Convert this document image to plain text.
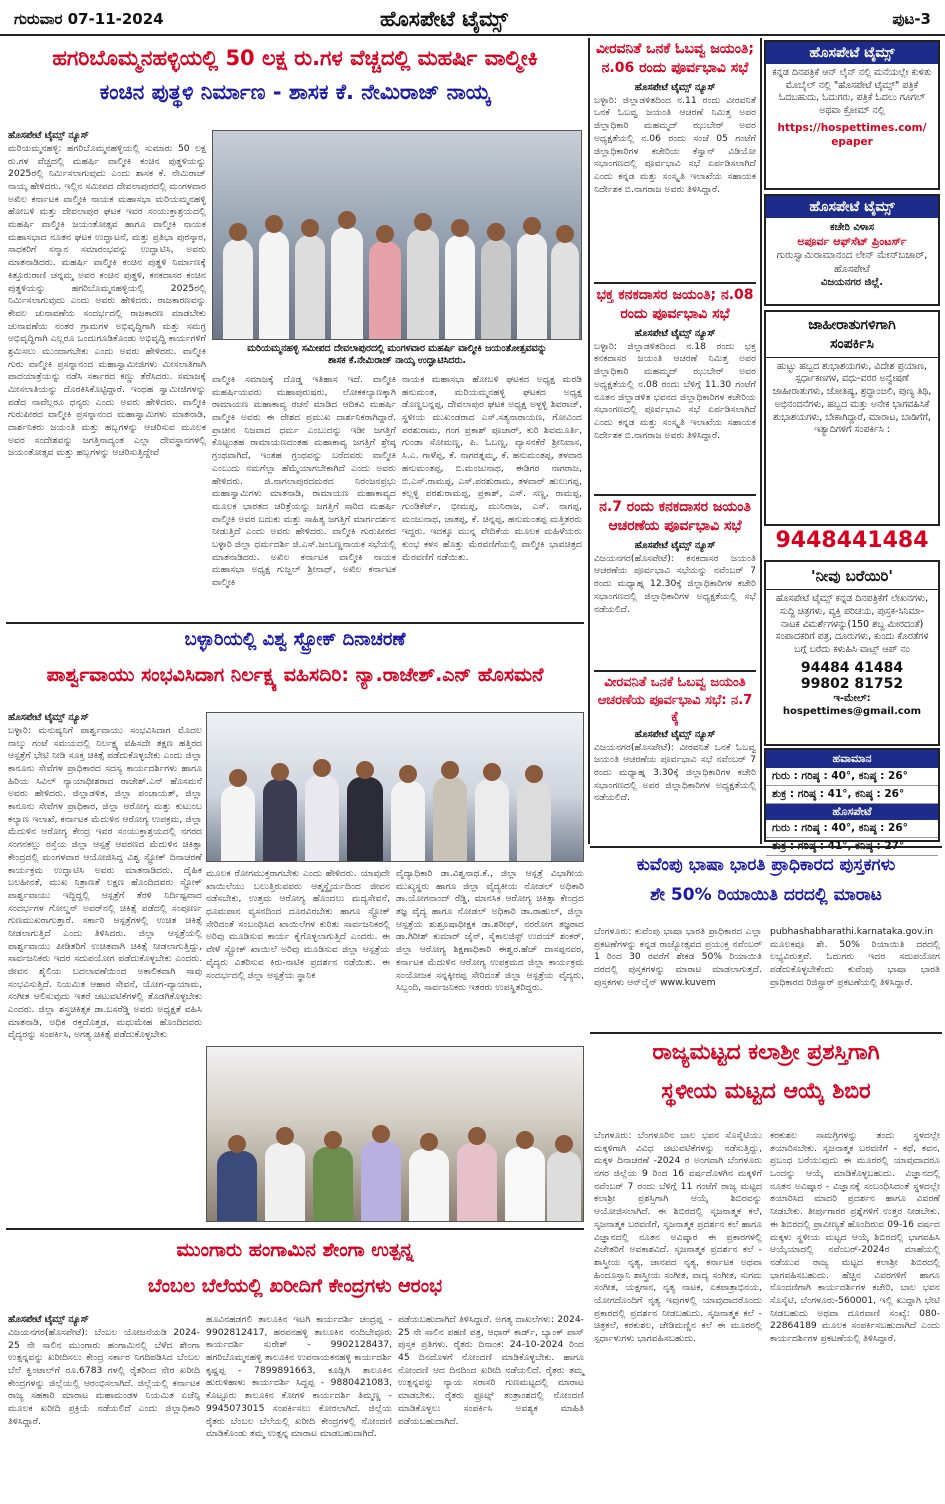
ಗುರುವಾರ 07-11-2024	ಹೊಸಪೇಟೆ ಟೈಮ್ಸ್	ಪುಟ-3
ಹಗರಿಬೊಮ್ಮನಹಳ್ಳಿಯಲ್ಲಿ 50 ಲಕ್ಷ ರು.ಗಳ ವೆಚ್ಚದಲ್ಲಿ ಮಹರ್ಷಿ ವಾಲ್ಮೀಕಿ
ಕಂಚಿನ ಪುತ್ಥಳಿ ನಿರ್ಮಾಣ - ಶಾಸಕ ಕೆ. ನೇಮಿರಾಜ್ ನಾಯ್ಕ
ಹೊಸಪೇಟೆ ಟೈಮ್ಸ್ ನ್ಯೂಸ್
ಮರಿಯಮ್ಮನಹಳ್ಳಿ: ಹಗರಿಬೊಮ್ಮನಹಳ್ಳಿಯಲ್ಲಿ ಸುಮಾರು 50 ಲಕ್ಷ ರು.ಗಳ ವೆಚ್ಚದಲ್ಲಿ ಮಹರ್ಷಿ ವಾಲ್ಮೀಕಿ ಕಂಚಿನ ಪುತ್ಥಳಿಯನ್ನು 2025ರಲ್ಲಿ ನಿರ್ಮಿಸಲಾಗುವುದು ಎಂದು ಶಾಸಕ ಕೆ. ನೇಮಿರಾಜ್ ನಾಯ್ಕ ಹೇಳಿದರು. ಇಲ್ಲಿನ ಸಮೀಪದ ದೇವಲಾಪುರದಲ್ಲಿ ಮಂಗಳವಾರ ಅಖಿಲ ಕರ್ನಾಟಕ ವಾಲ್ಮೀಕಿ ನಾಯಕ ಮಹಾಸಭಾ ಮರಿಯಮ್ಮನಹಳ್ಳಿ ಹೋಬಳಿ ಮತ್ತು ದೇವಲಾಪುರ ಘಟಕ ಇವರ ಸಂಯುಕ್ತಾಶ್ರಯದಲ್ಲಿ ಮಹರ್ಷಿ ವಾಲ್ಮೀಕಿ ಜಯಂತೋತ್ಸವ ಹಾಗೂ ವಾಲ್ಮೀಕಿ ನಾಯಕ ಮಹಾಸಭಾದ ನೂತನ ಘಟಕ ಉದ್ಘಾಟನೆ, ಮತ್ತು ಪ್ರತಿಭಾ ಪುರಸ್ಕಾರ, ಸಾಧಕರಿಗೆ ಸನ್ಮಾನ ಸಮಾರಂಭವನ್ನು ಉದ್ಘಾಟಿಸಿ, ಅವರು ಮಾತನಾಡಿದರು. ಮಹರ್ಷಿ ವಾಲ್ಮೀಕಿ ಕಂಚಿನ ಪುತ್ಥಳಿ ನಿರ್ಮಾಣಕ್ಕೆ ಕಿತ್ತೂರುರಾಣಿ ಚನ್ನಮ್ಮ ಅವರ ಕಂಚಿನ ಪುತ್ಥಳಿ, ಕನಕದಾಸರ ಕಂಚಿನ ಪುತ್ಥಳಿಯನ್ನು ಹಗರಿಬೊಮ್ಮನಹಳ್ಳಿಯಲ್ಲಿ 2025ರಲ್ಲಿ ನಿರ್ಮಿಸಲಾಗುವುದು ಎಂದು ಅವರು ಹೇಳಿದರು. ರಾಜಕಾರಣವನ್ನು ಕೇವಲ ಚುನಾವಣೆಯ ಸಂದರ್ಭದಲ್ಲಿ ರಾಜಕಾರಣ ಮಾಡಬೇಕು ಚುನಾವಣೆಯ ನಂತರ ಗ್ರಾಮಗಳ ಅಭಿವೃದ್ಧಿಗಾಗಿ ಮತ್ತು ಸಮಗ್ರ ಅಭಿವೃದ್ಧಿಗಾಗಿ ಎಲ್ಲರೂ ಒಂದುಗೂಡಿಕೊಂಡು ಅಭಿವೃದ್ಧಿ ಕಾರ್ಯಗಳಿಗೆ ಶ್ರಮಿಸಲು ಮುಂದಾಗಬೇಕು ಎಂದು ಅವರು ಹೇಳಿದರು. ವಾಲ್ಮೀಕಿ ಗುರು ವಾಲ್ಮೀಕಿ ಪ್ರಸನ್ನಾನಂದ ಮಹಾಸ್ವಾಮೀಜಿಗಳು ಮೀಸಲಾತಿಗಾಗಿ ಪಾದಯಾತ್ರೆಯನ್ನು ನಡೆಸಿ ಸರ್ಕಾರದ ಕಣ್ಣು ತೆರೆಸಿದರು. ಸಮಾಜಕ್ಕೆ ಮೀಸಲಾತಿಯನ್ನು ದೊರಕಿಸಿಕೊಟ್ಟಿದ್ದಾರೆ. ಇಂಥಹ ಸ್ವಾಮೀಜಿಗಳನ್ನು ಪಡೆದ ನಾವೆಲ್ಲರೂ ಧನ್ಯರು ಎಂದು ಅವರು ಹೇಳಿದರು. ವಾಲ್ಮೀಕಿ ಗುರುಪೀಠದ ವಾಲ್ಮೀಕಿ ಪ್ರಸನ್ನಾನಂದ ಮಹಾಸ್ವಾಮಿಗಳು ಮಾತನಾಡಿ, ದಾರ್ಶನಿಕರು ಜಯಂತಿ ಮತ್ತು ಹಬ್ಬಗಳನ್ನು ಆಚರಿಸುವ ಮೂಲಕ ಅವರ ಸಂದೇಶವನ್ನು ಜಗತ್ತಿನಾದ್ಯಂತ ಎಲ್ಲಾ ದೇವಸ್ಥಾನಗಳಲ್ಲಿ ಜಯಂತೋತ್ಸವ ಮತ್ತು ಹಬ್ಬಗಳನ್ನು ಆಚರಿಸುತ್ತಿದ್ದೇವೆ
ಮರಿಯಮ್ಮನಹಳ್ಳಿ ಸಮೀಪದ ದೇವಲಾಪುರದಲ್ಲಿ ಮಂಗಳವಾರ ಮಹರ್ಷಿ ವಾಲ್ಮೀಕಿ ಜಯಂತೋತ್ಸವವನ್ನು
ಶಾಸಕ ಕೆ.ನೇಮಿರಾಜ್ ನಾಯ್ಕ ಉದ್ಘಾಟಿಸಿದರು.
ವಾಲ್ಮೀಕಿ ಸಮಾಜಕ್ಕೆ ದೊಡ್ಡ ಇತಿಹಾಸ ಇದೆ. ವಾಲ್ಮೀಕಿ ಮಹರ್ಷಿಯವರು ಮಹಾಪುರುಷರು, ಲೋಕಕಲ್ಯಾಣಕ್ಕಾಗಿ ರಾಮಾಯಣ ಮಹಾಕಾವ್ಯ ರಚನೆ ಮಾಡಿದ ಆದಿಕವಿ ಮಹರ್ಷಿ ವಾಲ್ಮೀಕಿ ಅವರು ಈ ದೇಶದ ಪ್ರಮುಖ ದಾರ್ಶನಿಕರಾಗಿದ್ದಾರೆ. ಪ್ರಾಚೀನ ನಿಜವಾದ ಧರ್ಮ ಎಂಬುದನ್ನು ಇಡೀ ಜಗತ್ತಿಗೆ ಕೊಟ್ಟಂತಹ ರಾಮಾಯಣದಂತಹ ಮಹಾಕಾವ್ಯ ಜಗತ್ತಿಗೆ ಶ್ರೇಷ್ಠ ಗ್ರಂಥವಾಗಿದೆ, ಇಂತಹ ಗ್ರಂಥವನ್ನು ಬರೆದವರು ವಾಲ್ಮೀಕಿ ಎಂಬುದು ನಮಗೆಲ್ಲಾ ಹೆಮ್ಮೆಯಾಗಬೇಕಾಗಿದೆ ಎಂದು ಅವರು ಹೇಳಿದರು. ಜಿ.ನಾಗಲಾಪುರದಮಠದ ನಿರಂಜನಪ್ರಭು ಮಹಾಸ್ವಾಮಿಗಳು ಮಾತನಾಡಿ, ರಾಮಾಯಣ ಮಹಾಕಾವ್ಯದ ಮೂಲಕ ಭಾರತದ ಚರಿತ್ರೆಯನ್ನು ಜಗತ್ತಿಗೆ ಸಾರಿದ ಮಹರ್ಷಿ ವಾಲ್ಮೀಕಿ ಅವರ ಬದುಕು ಮತ್ತು ಸಾಹಿತ್ಯ ಜಗತ್ತಿಗೆ ಮಾರ್ಗದರ್ಶನ ನೀಡುತ್ತಿದೆ ಎಂದು ಅವರು ಹೇಳಿದರು. ವಾಲ್ಮೀಕಿ ಗುರುಪೀಠದ ಬಳ್ಳಾರಿ ಜಿಲ್ಲಾ ಧರ್ಮದರ್ಶಿ ಜಿ.ಎಸ್.ಜಂಬಣ್ಣನಾಯಕ ಸಭೆಯಲ್ಲಿ ಮಾತನಾಡಿದರು. ಅಖಿಲ ಕರ್ನಾಟಕ ವಾಲ್ಮೀಕಿ ನಾಯಕ ಮಹಾಸಭಾ ಅಧ್ಯಕ್ಷ ಗುಜ್ಜಲ್ ಶ್ರೀನಾಥ್, ಅಖಿಲ ಕರ್ನಾಟಕ ವಾಲ್ಮೀಕಿ
ನಾಯಕ ಮಹಾಸಭಾ ಹೋಬಳಿ ಘಟಕದ ಅಧ್ಯಕ್ಷ ಮರಡಿ ಹನುಮಂತ, ಮರಿಯಮ್ಮನಹಳ್ಳಿ ಘಟಕದ ಅಧ್ಯಕ್ಷ ಡೊಣ್ಣಬನ್ನಪ್ಪ, ದೇವಲಾಪುರ ಘಟಕ ಅಧ್ಯಕ್ಷ ಅಳ್ಳಳ್ಳಿ ಶಿವರಾಜ್, ಸ್ಥಳೀಯ ಮುಖಂಡರಾದ ಎಸ್.ಸತ್ಯನಾರಾಯಣ, ಗೋವಿಂದ ಪರಶುರಾಮ, ಗಂಗ ಪ್ರಕಾಶ್ ಪೂಜಾರ್, ಕುರಿ ಶಿವಮೂರ್ತಿ, ಗುಂಡಾ ಸೋಮಣ್ಣ, ಪಿ. ಓಬಣ್ಣ, ವ್ಯಾಸನಕೆರೆ ಶ್ರೀನಿವಾಸ, ಸಿ.ಎ. ಗಾಳೆಪ್ಪ, ಕೆ. ನಾಗರತ್ನಮ್ಮ, ಕೆ. ಹನುಮಂತಪ್ಪ, ತಳವಾರ ಹನುಮಂತಪ್ಪ, ಬಿ.ಮಂಜುನಾಥ, ಈಡಿಗರ ನಾಗರಾಜ, ಬಿ.ಎಸ್.ರಾಮಪ್ಪ, ಎಸ್.ಪರಶುರಾಮ, ತಳವಾರ್ ಹುಲುಗಪ್ಪ, ಕಲ್ಲಳ್ಳಿ ಪರಶುರಾಮಪ್ಪ, ಪ್ರಕಾಶ್, ಎಸ್. ಸಣ್ಣ, ರಾಮಪ್ಪ, ಗುಂಡಿಕೆರ್ಟ್, ಭೀಮಪ್ಪ, ಮುನಿರಾಜ, ಎಸ್. ನಾಗಪ್ಪ, ಮಂಜುನಾಥ, ಜಾತಪ್ಪ, ಕೆ. ಚಿನ್ನಪ್ಪ, ಹನುಮಂತಪ್ಪ ಮತ್ತಿತರರು ಇದ್ದರು. ಇದಕ್ಕೂ ಮುನ್ನ ವೇದಿಕೆಯ ಮೂಲಕ ಮಹಿಳೆಯರು ಕುಂಭ ಕಳಸ ಹೊತ್ತು ಮೆರವಣಿಗೆಯಲ್ಲಿ ವಾಲ್ಮೀಕಿ ಭಾವಚಿತ್ರದ ಮೆರವಣಿಗೆ ನಡೆಯಿತು.
ಬಳ್ಳಾರಿಯಲ್ಲಿ ವಿಶ್ವ ಸ್ಟ್ರೋಕ್ ದಿನಾಚರಣೆ
ಪಾರ್ಶ್ವವಾಯು ಸಂಭವಿಸಿದಾಗ ನಿರ್ಲಕ್ಷ್ಯ ವಹಿಸದಿರಿ: ನ್ಯಾ.ರಾಜೇಶ್.ಎನ್ ಹೊಸಮನೆ
ಹೊಸಪೇಟೆ ಟೈಮ್ಸ್ ನ್ಯೂಸ್
ಬಳ್ಳಾರಿ: ಮನುಷ್ಯನಿಗೆ ಪಾರ್ಶ್ವವಾಯು ಸಂಭವಿಸಿದಾಗ ಮೊದಲ ನಾಲ್ಕು ಗಂಟೆ ಸಮಯದಲ್ಲಿ ನಿರ್ಲಕ್ಷ್ಯ ವಹಿಸದೇ ತಕ್ಷಣ ಹತ್ತಿರದ ಆಸ್ಪತ್ರೆಗೆ ಭೇಟಿ ನೀಡಿ ಸೂಕ್ತ ಚಿಕಿತ್ಸೆ ಪಡೆದುಕೊಳ್ಳಬೇಕು ಎಂದು ಜಿಲ್ಲಾ ಕಾನೂನು ಸೇವೆಗಳ ಪ್ರಾಧಿಕಾರದ ಸದಸ್ಯ ಕಾರ್ಯದರ್ಶಿಗಳು ಹಾಗೂ ಹಿರಿಯ ಸಿವಿಲ್ ನ್ಯಾಯಾಧೀಶರಾದ ರಾಜೇಶ್.ಎನ್ ಹೊಸಮನೆ ಅವರು ಹೇಳಿದರು. ಜಿಲ್ಲಾಡಳಿತ, ಜಿಲ್ಲಾ ಪಂಚಾಯತ್, ಜಿಲ್ಲಾ ಕಾನೂನು ಸೇವೆಗಳ ಪ್ರಾಧಿಕಾರ, ಜಿಲ್ಲಾ ಆರೋಗ್ಯ ಮತ್ತು ಕುಟುಂಬ ಕಲ್ಯಾಣ ಇಲಾಖೆ, ಕರ್ನಾಟಕ ಮೆದುಳಿನ ಆರೋಗ್ಯ ಉಪಕ್ರಮ, ಜಿಲ್ಲಾ ಮೆದುಳಿನ ಆರೋಗ್ಯ ಕೇಂದ್ರ ಇವರ ಸಂಯುಕ್ತಾಶ್ರಯದಲ್ಲಿ ನಗರದ ಸಂಗನಕಲ್ಲು ರಸ್ತೆಯ ಜಿಲ್ಲಾ ಆಸ್ಪತ್ರೆ ಆವರಣದ ಮೆದುಳಿನ ಚಿಕಿತ್ಸಾ ಕೇಂದ್ರದಲ್ಲಿ ಮಂಗಳವಾರ ಆಯೋಜಿಸಿದ್ದ ವಿಶ್ವ ಸ್ಟ್ರೋಕ್ ದಿನಾಚರಣೆ ಕಾರ್ಯಕ್ರಮ ಉದ್ಘಾಟಿಸಿ ಅವರು ಮಾತನಾಡಿದರು. ದೈಹಿಕ ಬಲಹೀನತೆ, ಮುಖ ನಿತ್ರಾಣತೆ ಲಕ್ಷಣ ಹೊಂದಿದವರು ಸ್ಟ್ರೋಕ್ ಪಾರ್ಶ್ವವಾಯು ಇದ್ದಿದ್ದಲ್ಲಿ ಆಸ್ಪತ್ರೆಗೆ ತೆರಳಿ ನಿರ್ದಿಷ್ಟವಾದ ಸಂದರ್ಭಗಳ ಗೋಲ್ಡನ್ ಅವರ್‌ನಲ್ಲಿ ಚಿಕಿತ್ಸೆ ಪಡೆದಲ್ಲಿ ಸಂಪೂರ್ಣ ಗುಣಮುಖರಾಗುತ್ತಾರೆ. ಸರ್ಕಾರಿ ಆಸ್ಪತ್ರೆಗಳಲ್ಲಿ ಉಚಿತ ಚಿಕಿತ್ಸೆ ನೀಡಲಾಗುತ್ತಿದೆ ಎಂದು ತಿಳಿಸಿದರು. ಜಿಲ್ಲಾ ಆಸ್ಪತ್ರೆಯಲ್ಲಿ ಪಾರ್ಶ್ವವಾಯು ಪೀಡಿತರಿಗೆ ಉಚಿತವಾಗಿ ಚಿಕಿತ್ಸೆ ನೀಡಲಾಗುತ್ತಿದ್ದು, ಸಾರ್ವಜನಿಕರು ಇದರ ಸದುಪಯೋಗ ಪಡೆದುಕೊಳ್ಳಬೇಕು ಎಂದರು. ಜೀವನ ಶೈಲಿಯ ಬದಲಾವಣೆಯಿಂದ ಅಕಾಲಿಕವಾಗಿ ಸಾವು ಸಂಭವಿಸುತ್ತಿದೆ. ನಿಯಮಿತ ಆಹಾರ ಸೇವನೆ, ಯೋಗ-ವ್ಯಾಯಾಮ, ಸಂಗೀತ ಆಲಿಸುವುದು ಇತರೆ ಚಟುವಟಿಕೆಗಳಲ್ಲಿ ತೊಡಗಿಕೊಳ್ಳಬೇಕು ಎಂದರು. ಜಿಲ್ಲಾ ಶಸ್ತ್ರಚಿಕಿತ್ಸಕ ಡಾ.ಬಸರೆಡ್ಡಿ ಅವರು ಅಧ್ಯಕ್ಷತೆ ವಹಿಸಿ ಮಾತನಾಡಿ, ಅಧಿಕ ರಕ್ತದೊತ್ತಡ, ಮಧುಮೇಹ ಹೊಂದಿದವರು ವೈದ್ಯರನ್ನು ಸಂಪರ್ಕಿಸಿ, ಅಗತ್ಯ ಚಿಕಿತ್ಸೆ ಪಡೆದುಕೊಳ್ಳಬೇಕು
ಮೂಲಕ ರೋಗಮುಕ್ತರಾಗಬೇಕು ಎಂದು ಹೇಳಿದರು. ಯಾವುದೇ ಖಾಯಿಲೆಯು ಬಲುತ್ತಿರುವವರು ಆತ್ಮಸ್ಥೈರ್ಯದಿಂದ ಜೀವನ ನಡೆಸಬೇಕು, ಉತ್ತಮ ಆರೋಗ್ಯ ಹೊಂದಲು ಮದ್ಯಸೇವನೆ, ಧೂಮಪಾನ ವ್ಯಸನದಿಂದ ದೂರವಿರಬೇಕು ಹಾಗೂ ಸ್ಟ್ರೋಕ್ ಸೇರಿದಂತೆ ಸಂಬಂಧಿಸಿದ ಖಾಯಿಲೆಗಳ ಕುರಿತು ಸಾರ್ವಜನಿಕರಲ್ಲಿ ಅರಿವು ಮೂಡಿಸುವ ಕಾರ್ಯ ಕೈಗೊಳ್ಳಲಾಗುತ್ತಿದೆ ಎಂದರು. ಈ ವೇಳೆ ಸ್ಟ್ರೋಕ್ ಖಾಯಿಲೆ ಅರಿವು ಮೂಡಿಸುವ ಜಿಲ್ಲಾ ಆಸ್ಪತ್ರೆಯ ವೈದ್ಯರು ವಿತರಿಸುವ ಕಿರು-ನಾಟಿಕ ಪ್ರದರ್ಶನ ನಡೆಯಿತು. ಈ ಸಂದರ್ಭದಲ್ಲಿ ಜಿಲ್ಲಾ ಆಸ್ಪತ್ರೆಯ ಸ್ಥಾನಿಕ
ವೈದ್ಯಾಧಿಕಾರಿ ಡಾ.ವಿಶ್ವನಾಥ.ಕೆ., ಜಿಲ್ಲಾ ಆಸ್ಪತ್ರೆ ವಿಭಾಗೀಯ ಮುಖ್ಯಸ್ಥರು ಹಾಗೂ ಜಿಲ್ಲಾ ವೈದ್ಯಕೀಯ ನೋಡಲ್ ಅಧಿಕಾರಿ ಡಾ.ಯೋಗನಾಂದ್ ರೆಡ್ಡಿ, ಮಾನಸಿಕ ಆರೋಗ್ಯ ಚಿಕಿತ್ಸಾ ಕೇಂದ್ರದ ತಜ್ಞ ವೈದ್ಯ ಹಾಗೂ ನೋಡಲ್ ಅಧಿಕಾರಿ ಡಾ.ರಾಹುಲ್, ಜಿಲ್ಲಾ ಆಸ್ಪತ್ರೆಯ ಶುಶ್ರೂಷಾಧೀಕ್ಷಕ ಡಾ.ಶರೀಫ್, ನರರೋಗ ತಜ್ಞರಾದ ಡಾ.ಗಿರೀಶ್ ಕುಮಾರ್ ಜೈನ್, ಸೈಕಾಲಜಿಸ್ಟ್ ಉದಯ್ ಶಂಕರ್, ಜಿಲ್ಲಾ ಆರೋಗ್ಯ ಶಿಕ್ಷಣಾಧಿಕಾರಿ ಈಶ್ವರ.ಹೆಚ್ ದಾಸಪ್ಪನವರ, ಕರ್ನಾಟಕ ಮೆದುಳಿನ ಆರೋಗ್ಯ ಉಪಕ್ರಮದ ಜಿಲ್ಲಾ ಕಾರ್ಯಕ್ರಮ ಸಂಯೋಜಕ ಸನ್ನಕ್ಕೀರಪ್ಪ ಸೇರಿದಂತೆ ಜಿಲ್ಲಾ ಆಸ್ಪತ್ರೆಯ ವೈದ್ಯರು, ಸಿಬ್ಬಂದಿ, ಸಾರ್ವಜನಿಕರು ಇತರರು ಉಪಸ್ಥಿತರಿದ್ದರು.
ಮುಂಗಾರು ಹಂಗಾಮಿನ ಶೇಂಗಾ ಉತ್ಪನ್ನ
ಬೆಂಬಲ ಬೆಲೆಯಲ್ಲಿ ಖರೀದಿಗೆ ಕೇಂದ್ರಗಳು ಆರಂಭ
ಹೊಸಪೇಟೆ ಟೈಮ್ಸ್ ನ್ಯೂಸ್
ವಿಜಯನಗರ(ಹೊಸಪೇಟೆ): ಬೆಂಬಲ ಯೋಜನೆಯಡಿ 2024-25 ನೇ ಸಾಲಿನ ಮುಂಗಾರು ಹಂಗಾಮಿನಲ್ಲಿ ಬೆಳೆದ ಶೇಂಗಾ ಉತ್ಪನ್ನವನ್ನು ಖರೀದಿಸಲು ಕೇಂದ್ರ ಸರ್ಕಾರ ನಿಗದಿಪಡಿಸಿದ ಬೆಂಬಲ ಬೆಲೆ ಕ್ವಿಂಟಾಲ್‌ಗೆ ರೂ.6783 ಗಳಲ್ಲಿ ರೈತರಿಂದ ನೇರ ಖರೀದಿ ಕೇಂದ್ರಗಳನ್ನು ಜಿಲ್ಲೆಯಲ್ಲಿ ಆರಂಭಿಸಲಾಗಿದೆ. ಜಿಲ್ಲೆಯಲ್ಲಿ ಕರ್ನಾಟಕ ರಾಜ್ಯ ಸಹಕಾರಿ ಮಾರಾಟ ಮಹಾಮಂಡಳ ನಿಯಮಿತ ಏಜೆನ್ಸಿ ಮೂಲಕ ಖರೀದಿ ಪ್ರಕ್ರಿಯೆ ನಡೆಯಲಿದೆ ಎಂದು ಜಿಲ್ಲಾಧಿಕಾರಿ ತಿಳಿಸಿದ್ದಾರೆ.
ಹೂವಿನಹಡಗಲಿ ತಾಲೂಕಿನ ಇಟಗಿ ಕಾರ್ಯದರ್ಶಿ ಚಂದ್ರಪ್ಪ - 9902812417, ಹರಪನಹಳ್ಳಿ ತಾಲೂಕಿನ ನಂದಿಬೇವೂರು ಕಾರ್ಯದರ್ಶಿ ಸುರೇಶ್ - 9902128437, ಹಗರಿಬೊಮ್ಮನಹಳ್ಳಿ ತಾಲೂಕಿನ ಉಪನಾಯಕನಹಳ್ಳಿ ಕಾರ್ಯದರ್ಶಿ ಕೃಷ್ಣಪ್ಪ - 7899891663, ಕೂಡ್ಲಿಗಿ ತಾಲೂಕಿನ ಹುರುಳಿಹಾಳು ಕಾರ್ಯದರ್ಶಿ ಸಿದ್ದಪ್ಪ - 9880421083, ಕೊಟ್ಟೂರು ತಾಲೂಕಿನ ಕೋಗಳಿ ಕಾರ್ಯದರ್ಶಿ ತಿಮ್ಮಣ್ಣ - 9945073015 ಸಂಪರ್ಕಿಸಲು ಕೋರಲಾಗಿದೆ. ಜಿಲ್ಲೆಯ ರೈತರು ಬೆಂಬಲ ಬೆಲೆಯಲ್ಲಿ ಖರೀದಿ ಕೇಂದ್ರಗಳಲ್ಲಿ ನೋಂದಣಿ ಮಾಡಿಕೊಂಡು ತಮ್ಮ ಉತ್ಪನ್ನ ಮಾರಾಟ ಮಾಡಬಹುದಾಗಿದೆ.
ಪಡೆಯಬಹುದಾಗಿದೆ ತಿಳಿಸಿದ್ದಾರೆ. ಅಗತ್ಯ ದಾಖಲೆಗಳು: 2024-25 ನೇ ಸಾಲಿನ ಪಹಣಿ ಪತ್ರ, ಆಧಾರ್ ಕಾರ್ಡ್, ಬ್ಯಾಂಕ್ ಪಾಸ್ ಪುಸ್ತಕ ಪ್ರತಿಗಳು. ರೈತರು ದಿನಾಂಕ: 24-10-2024 ರಿಂದ 45 ದಿನದೊಳಗೆ ನೋಂದಣಿ ಮಾಡಿಕೊಳ್ಳಬೇಕು. ಹಾಗೂ ನೋಂದಣಿ ಆದ ದಿನದಿಂದ ಖರೀದಿ ನಡೆಯಲಿದೆ. ರೈತರು ತಮ್ಮ ಉತ್ಪನ್ನವನ್ನು ನ್ಯಾಯ ಸರಾಸರಿ ಗುಣಮಟ್ಟದಲ್ಲಿ ಮಾರಾಟ ಮಾಡಬೇಕು. ರೈತರು ಫ್ರೂಟ್ಸ್ ತಂತ್ರಾಂಶದಲ್ಲಿ ನೋಂದಣಿ ಮಾಡಿಕೊಳ್ಳಲು ಸಂಪರ್ಕಿಸಿ ಅವಶ್ಯಕ ಮಾಹಿತಿ ಪಡೆಯಬಹುದಾಗಿದೆ.
ವೀರವನಿತೆ ಒನಕೆ ಓಬವ್ವ ಜಯಂತಿ; ನ.06 ರಂದು ಪೂರ್ವಭಾವಿ ಸಭೆ
ಹೊಸಪೇಟೆ ಟೈಮ್ಸ್ ನ್ಯೂಸ್
ಬಳ್ಳಾರಿ: ಜಿಲ್ಲಾಡಳಿತದಿಂದ ನ.11 ರಂದು ವೀರವನಿತೆ ಒನಕೆ ಓಬವ್ವ ಜಯಂತಿ ಆಚರಣೆ ನಿಮಿತ್ತ ಅಪರ ಜಿಲ್ಲಾಧಿಕಾರಿ ಮಹಮ್ಮದ್ ಝುಬೇರ್ ಅವರ ಅಧ್ಯಕ್ಷತೆಯಲ್ಲಿ ನ.06 ರಂದು ಸಂಜೆ 05 ಗಂಟೆಗೆ ಜಿಲ್ಲಾಧಿಕಾರಿಗಳ ಕಚೇರಿಯ ಕೆಸ್ವಾನ್ ವಿಡಿಯೋ ಸಭಾಂಗಣದಲ್ಲಿ ಪೂರ್ವಭಾವಿ ಸಭೆ ಏರ್ಪಡಿಸಲಾಗಿದೆ ಎಂದು ಕನ್ನಡ ಮತ್ತು ಸಂಸ್ಕೃತಿ ಇಲಾಖೆಯ ಸಹಾಯಕ ನಿರ್ದೇಶಕ ಬಿ.ನಾಗರಾಜ ಅವರು ತಿಳಿಸಿದ್ದಾರೆ.
ಭಕ್ತ ಕನಕದಾಸರ ಜಯಂತಿ; ನ.08 ರಂದು ಪೂರ್ವಭಾವಿ ಸಭೆ
ಹೊಸಪೇಟೆ ಟೈಮ್ಸ್ ನ್ಯೂಸ್
ಬಳ್ಳಾರಿ: ಜಿಲ್ಲಾಡಳಿತದಿಂದ ನ.18 ರಂದು ಭಕ್ತ ಕನಕದಾಸರ ಜಯಂತಿ ಆಚರಣೆ ನಿಮಿತ್ತ ಅಪರ ಜಿಲ್ಲಾಧಿಕಾರಿ ಮಹಮ್ಮದ್ ಝುಬೇರ್ ಅವರ ಅಧ್ಯಕ್ಷತೆಯಲ್ಲಿ ನ.08 ರಂದು ಬೆಳಿಗ್ಗೆ 11.30 ಗಂಟೆಗೆ ನೂತನ ಜಿಲ್ಲಾಡಳಿತ ಭವನದ ಜಿಲ್ಲಾಧಿಕಾರಿಗಳ ಕಚೇರಿಯ ಸಭಾಂಗಣದಲ್ಲಿ ಪೂರ್ವಭಾವಿ ಸಭೆ ಏರ್ಪಡಿಸಲಾಗಿದೆ ಎಂದು ಕನ್ನಡ ಮತ್ತು ಸಂಸ್ಕೃತಿ ಇಲಾಖೆಯ ಸಹಾಯಕ ನಿರ್ದೇಶಕ ಬಿ.ನಾಗರಾಜ ಅವರು ತಿಳಿಸಿದ್ದಾರೆ.
ನ.7 ರಂದು ಕನಕದಾಸರ ಜಯಂತಿ ಆಚರಣೆಯ ಪೂರ್ವಭಾವಿ ಸಭೆ
ಹೊಸಪೇಟೆ ಟೈಮ್ಸ್ ನ್ಯೂಸ್
ವಿಜಯನಗರ(ಹೊಸಪೇಟೆ): ಕನಕದಾಸರ ಜಯಂತಿ ಆಚರಣೆಯ ಪೂರ್ವಭಾವಿ ಸಭೆಯನ್ನು ನವೆಂಬರ್ 7 ರಂದು ಮಧ್ಯಾಹ್ನ 12.30ಕ್ಕೆ ಜಿಲ್ಲಾಧಿಕಾರಿಗಳ ಕಚೇರಿ ಸಭಾಂಗಣದಲ್ಲಿ ಜಿಲ್ಲಾಧಿಕಾರಿಗಳ ಅಧ್ಯಕ್ಷತೆಯಲ್ಲಿ ಸಭೆ ನಡೆಯಲಿದೆ.
ವೀರವನಿತೆ ಒನಕೆ ಓಬವ್ವ ಜಯಂತಿ ಆಚರಣೆಯ ಪೂರ್ವಭಾವಿ ಸಭೆ: ನ.7 ಕ್ಕೆ
ಹೊಸಪೇಟೆ ಟೈಮ್ಸ್ ನ್ಯೂಸ್
ವಿಜಯನಗರ(ಹೊಸಪೇಟೆ): ವೀರವನಿತೆ ಒನಕೆ ಓಬವ್ವ ಜಯಂತಿ ಆಚರಣೆಯ ಪೂರ್ವಭಾವಿ ಸಭೆ ನವೆಂಬರ್ 7 ರಂದು ಮಧ್ಯಾಹ್ನ 3.30ಕ್ಕೆ ಜಿಲ್ಲಾಧಿಕಾರಿಗಳ ಕಚೇರಿ ಸಭಾಂಗಣದಲ್ಲಿ ಅಪರ ಜಿಲ್ಲಾಧಿಕಾರಿಗಳ ಅಧ್ಯಕ್ಷತೆಯಲ್ಲಿ ನಡೆಯಲಿದೆ.
ಹೊಸಪೇಟೆ ಟೈಮ್ಸ್
ಕನ್ನಡ ದಿನಪತ್ರಿಕೆ ಆನ್ ಲೈನ್ ನಲ್ಲಿ ಮನೆಯಲ್ಲೇ ಕುಳಿತು ಮೊಬೈಲ್ ನಲ್ಲಿ "ಹೊಸಪೇಟೆ ಟೈಮ್ಸ್" ಪತ್ರಿಕೆ ಓದಬಹುದು, ಓದುಗರು, ಪತ್ರಿಕೆ ಓದಲು ಗೂಗಲ್ ಅಥವಾ ಕ್ರೋಮ್ ನಲ್ಲಿ
https://hospettimes.com/ epaper
ಹೊಸಪೇಟೆ ಟೈಮ್ಸ್
ಕಚೇರಿ ವಿಳಾಸ
ಅಪೂರ್ವ ಆಫ್‌ಸೆಟ್ ಪ್ರಿಂಟರ್ಸ್
ಗುರುಸ್ವಾಮಿರಾಮಾನಂದ ಲೇನ್ ಮೇನ್‌ಬಜಾರ್, ಹೊಸಪೇಟೆ
ವಿಜಯನಗರ ಜಿಲ್ಲೆ.
ಜಾಹೀರಾತುಗಳಿಗಾಗಿ
ಸಂಪರ್ಕಿಸಿ
ಹುಟ್ಟು ಹಬ್ಬದ ಶುಭಾಶಯಗಳು, ವಿದೇಶ ಪ್ರಯಾಣ, ಸ್ಪರ್ಧಾಕಣಗಳ, ವಧು-ವರರ ಅನ್ವೇಷಣೆ ಜಾಹೀರಾತುಗಳು, ಜೋತಿಷ್ಯ, ಶ್ರದ್ಧಾಂಜಲಿ, ಪುಣ್ಯ ತಿಥಿ, ಅಭಿನಂದನೆಗಳು, ಹಬ್ಬದ ಮತ್ತು ಅನೇಕ ಭಾಗವಹಿಸಿಕೆ ಶುಭಾಶಯಗಳು, ಬೇಕಾಗಿದ್ದಾರೆ, ಮಾರಾಟ, ಬಾಡಿಗೆಗೆ, ಇತ್ಯಾದಿಗಳಿಗೆ ಸಂಪರ್ಕಿಸಿ :
9448441484
'ನೀವು ಬರೆಯಿರಿ'
ಹೊಸಪೇಟೆ ಟೈಮ್ಸ್ ಕನ್ನಡ ದಿನಪತ್ರಿಕೆಗೆ ಲೇಖನಗಳು, ಸುದ್ದಿ ಚಿತ್ರಗಳು, ವ್ಯಕ್ತಿ ಪರಿಚಯ, ಪುಸ್ತಕ-ಸಿನಿಮಾ-ನಾಟಕ ವಿಮರ್ಶೆಗಳನ್ನು(150 ಶಬ್ದ ಮೀರದಂತೆ) ಸಂಪಾದಕರಿಗೆ ಪತ್ರ, ದೂರುಗಳು, ಕುಂದು ಕೊರತೆಗಳ ಬಗ್ಗೆ ಬರೆದು ಕಳುಹಿಸಿ ವಾಟ್ಸ್ ಆಪ್ ನಂ
94484 41484
99802 81752
ಇ-ಮೇಲ್: hospettimes@gmail.com
ಹವಾಮಾನ
ಗುರು : ಗರಿಷ್ಠ : 40°, ಕನಿಷ್ಠ : 26°
ಶುಕ್ರ : ಗರಿಷ್ಠ : 41°, ಕನಿಷ್ಠ : 26°
ಹೊಸಪೇಟೆ
ಗುರು : ಗರಿಷ್ಠ : 40°, ಕನಿಷ್ಠ : 26°
ಕುವೆಂಪು ಭಾಷಾ ಭಾರತಿ ಪ್ರಾಧಿಕಾರದ ಪುಸ್ತಕಗಳು
ಶೇ 50% ರಿಯಾಯಿತಿ ದರದಲ್ಲಿ ಮಾರಾಟ
ಬೆಂಗಳೂರು: ಕುವೆಂಪು ಭಾಷಾ ಭಾರತಿ ಪ್ರಾಧಿಕಾರದ ಎಲ್ಲಾ ಪ್ರಕಟಣೆಗಳನ್ನು ಕನ್ನಡ ರಾಜ್ಯೋತ್ಸವದ ಪ್ರಯುಕ್ತ ನವೆಂಬರ್ 1 ರಿಂದ 30 ರವರೆಗೆ ಶೇಕಡ 50% ರಿಯಾಯಿತಿ ದರದಲ್ಲಿ ಪುಸ್ತಕಗಳನ್ನು ಮಾರಾಟ ಮಾಡಲಾಗುತ್ತದೆ. ಪುಸ್ತಕಗಳು ಆನ್‌ಲೈನ್ www.kuvem
pubhashabharathi.karnataka.gov.in ಮೂಲಕವೂ ಶೇ. 50% ರಿಯಾಯಿತಿ ದರದಲ್ಲಿ ಲಭ್ಯವಿರುತ್ತವೆ. ಓದುಗರು ಇದರ ಸದುಪಯೋಗ ಪಡೆದುಕೊಳ್ಳಬೇಕೆಂದು ಕುವೆಂಪು ಭಾಷಾ ಭಾರತಿ ಪ್ರಾಧಿಕಾರದ ರಿಜಿಸ್ಟ್ರಾರ್ ಪ್ರಕಟಣೆಯಲ್ಲಿ ತಿಳಿಸಿದ್ದಾರೆ.
ರಾಜ್ಯಮಟ್ಟದ ಕಲಾಶ್ರೀ ಪ್ರಶಸ್ತಿಗಾಗಿ
ಸ್ಥಳೀಯ ಮಟ್ಟದ ಆಯ್ಕೆ ಶಿಬಿರ
ಬೆಂಗಳೂರು: ಬೆಂಗಳೂರಿನ ಬಾಲ ಭವನ ಸೊಸೈಟಿಯು ಮಕ್ಕಳಿಗಾಗಿ ವಿವಿಧ ಚಟುವಟಿಕೆಗಳನ್ನು ನಡೆಸುತ್ತಿದ್ದು, ಮಕ್ಕಳ ದಿನಾಚರಣೆ -2024 ರ ಅಂಗವಾಗಿ ಬೆಂಗಳೂರು ನಗರ ಜಿಲ್ಲೆಯ 9 ರಿಂದ 16 ವರ್ಷದೊಳಗಿನ ಮಕ್ಕಳಿಗೆ ನವೆಂಬರ್ 7 ರಂದು ಬೆಳಿಗ್ಗೆ 11 ಗಂಟೆಗೆ ರಾಜ್ಯ ಮಟ್ಟದ ಕಲಾಶ್ರೀ ಪ್ರಶಸ್ತಿಗಾಗಿ ಆಯ್ಕೆ ಶಿಬಿರವನ್ನು ಆಯೋಜಿಸಲಾಗಿದೆ. ಈ ಶಿಬಿರದಲ್ಲಿ ಸೃಜನಾತ್ಮಕ ಕಲೆ, ಸೃಜನಾತ್ಮಕ ಬರವಣಿಗೆ, ಸೃಜನಾತ್ಮಕ ಪ್ರದರ್ಶನ ಕಲೆ ಹಾಗೂ ವಿಜ್ಞಾನದಲ್ಲಿ ನೂತನ ಅವಿಷ್ಕಾರ ಈ ಪ್ರಕಾರಗಳಲ್ಲಿ ವಿಜೇತರಿಗೆ ಅವಕಾಶವಿದೆ. ಸೃಜನಾತ್ಮಕ ಪ್ರದರ್ಶನ ಕಲೆ - ಶಾಸ್ತ್ರೀಯ ನೃತ್ಯ, ಜಾನಪದ ನೃತ್ಯ, ಕರ್ನಾಟಕ ಅಥವಾ ಹಿಂದೂಸ್ತಾನಿ ಶಾಸ್ತ್ರೀಯ ಸಂಗೀತ, ವಾದ್ಯ ಸಂಗೀತ, ಸುಗಮ ಸಂಗೀತ, ಯಕ್ಷಗಾನ, ನೃತ್ಯ ನಾಟಕ, ಏಕಪಾತ್ರಾಭಿನಯ, ಯೋಗದೊಂದಿಗೆ ನೃತ್ಯ ಇವುಗಳಲ್ಲಿ ಯಾವುದಾದರೊಂದು ಪ್ರಕಾರದಲ್ಲಿ ಪ್ರದರ್ಶನ ನೀಡಬಹುದು. ಸೃಜನಾತ್ಮಕ ಕಲೆ - ಚಿತ್ರಕಲೆ, ಕರಕುಶಲ, ಜೇಡಿಮಣ್ಣಿನ ಕಲೆ ಈ ಮೂರರಲ್ಲಿ ಸ್ಪರ್ಧಾಳುಗಳು ಭಾಗವಹಿಸಬಹುದು.
ಕರಕುಶಲ ಸಾಮಗ್ರಿಗಳನ್ನು ತಂದು ಸ್ಥಳದಲ್ಲೇ ತಯಾರಿಸಬೇಕು. ಸೃಜನಾತ್ಮಕ ಬರವಣಿಗೆ - ಕಥೆ, ಕವನ, ಪ್ರಬಂಧ ಬರೆಯುವುದು ಈ ಮೂರರಲ್ಲಿ ಯಾವುದಾದರೂ ಒಂದನ್ನು ಆಯ್ಕೆ ಮಾಡಿಕೊಳ್ಳಬಹುದು. ವಿಜ್ಞಾನದಲ್ಲಿ ನೂತನ ಅವಿಷ್ಕಾರ - ವಿಜ್ಞಾನಕ್ಕೆ ಸಂಬಂಧಿಸಿದಂತೆ ಸ್ಥಳದಲ್ಲೇ ತಯಾರಿಸಿದ ಮಾದರಿ ಪ್ರದರ್ಶನ ಹಾಗೂ ವಿವರಣೆ ನೀಡಬೇಕು. ತೀರ್ಪುಗಾರರ ಪ್ರಶ್ನೆಗಳಿಗೆ ಉತ್ತರ ನೀಡಬೇಕು. ಈ ಶಿಬಿರದಲ್ಲಿ ಪ್ರಾವೀಣ್ಯತೆ ಹೊಂದಿರುವ 09-16 ವರ್ಷದ ಮಕ್ಕಳು ಸ್ಥಳೀಯ ಮಟ್ಟದ ಆಯ್ಕೆ ಶಿಬಿರದಲ್ಲಿ ಭಾಗವಹಿಸಿ ಆಯ್ಕೆಯಾದಲ್ಲಿ ನವೆಂಬರ್-2024ರ ಮಾಹೆಯಲ್ಲಿ ನಡೆಯುವ ರಾಜ್ಯ ಮಟ್ಟದ ಕಲಾಶ್ರೀ ಶಿಬಿರದಲ್ಲಿ ಭಾಗವಹಿಸಬಹುದು. ಹೆಚ್ಚಿನ ವಿವರಗಳಿಗೆ ಹಾಗೂ ನೊಂದಣಿಗಾಗಿ ಕಾರ್ಯದರ್ಶಿಗಳ ಕಚೇರಿ, ಬಾಲ ಭವನ ಸೊಸೈಟಿ, ಬೆಂಗಳೂರು-560001, ಇಲ್ಲಿ ಖುದ್ದಾಗಿ ಭೇಟಿ ನೀಡಬಹುದು ಅಥವಾ ದೂರವಾಣಿ ಸಂಖ್ಯೆ: 080-22864189 ಮೂಲಕ ಸಂಪರ್ಕಿಸಬಹುದಾಗಿದೆ ಎಂದು ಕಾರ್ಯದರ್ಶಿಗಳ ಪ್ರಕಟಣೆಯಲ್ಲಿ ತಿಳಿಸಿದ್ದಾರೆ.
